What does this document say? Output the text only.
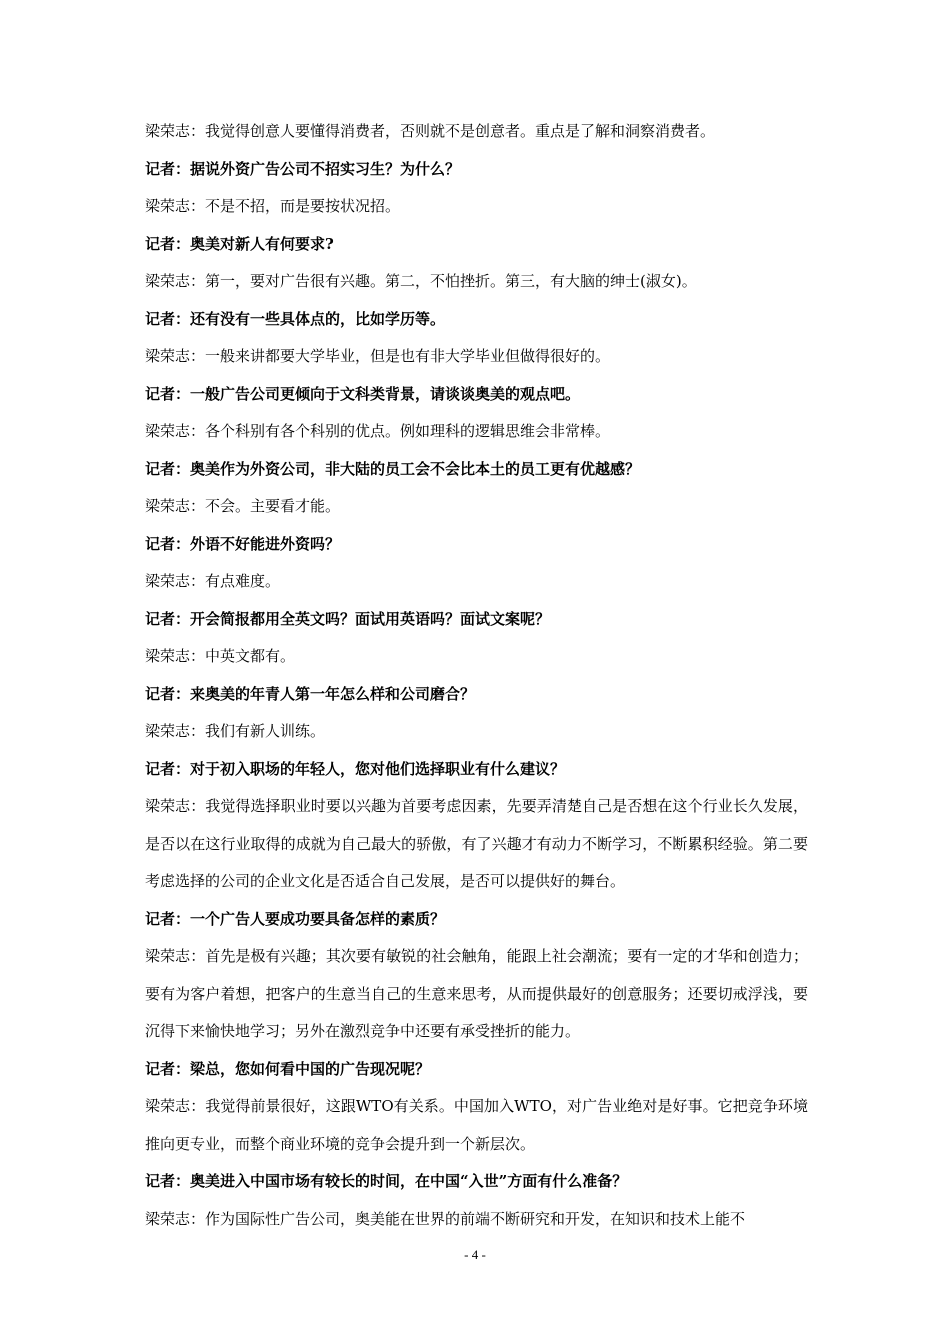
梁荣志：我觉得创意人要懂得消费者，否则就不是创意者。重点是了解和洞察消费者。

记者：据说外资广告公司不招实习生？为什么？

梁荣志：不是不招，而是要按状况招。

记者：奥美对新人有何要求?

梁荣志：第一，要对广告很有兴趣。第二，不怕挫折。第三，有大脑的绅士(淑女)。

记者：还有没有一些具体点的，比如学历等。

梁荣志：一般来讲都要大学毕业，但是也有非大学毕业但做得很好的。

记者：一般广告公司更倾向于文科类背景，请谈谈奥美的观点吧。

梁荣志：各个科别有各个科别的优点。例如理科的逻辑思维会非常棒。

记者：奥美作为外资公司，非大陆的员工会不会比本土的员工更有优越感？

梁荣志：不会。主要看才能。

记者：外语不好能进外资吗？

梁荣志：有点难度。

记者：开会简报都用全英文吗？面试用英语吗？面试文案呢？

梁荣志：中英文都有。

记者：来奥美的年青人第一年怎么样和公司磨合？

梁荣志：我们有新人训练。

记者：对于初入职场的年轻人，您对他们选择职业有什么建议？

梁荣志：我觉得选择职业时要以兴趣为首要考虑因素，先要弄清楚自己是否想在这个行业长久发展，是否以在这行业取得的成就为自己最大的骄傲，有了兴趣才有动力不断学习，不断累积经验。第二要考虑选择的公司的企业文化是否适合自己发展，是否可以提供好的舞台。

记者：一个广告人要成功要具备怎样的素质？

梁荣志：首先是极有兴趣；其次要有敏锐的社会触角，能跟上社会潮流；要有一定的才华和创造力；要有为客户着想，把客户的生意当自己的生意来思考，从而提供最好的创意服务；还要切戒浮浅，要沉得下来愉快地学习；另外在激烈竞争中还要有承受挫折的能力。

记者：梁总，您如何看中国的广告现况呢？

梁荣志：我觉得前景很好，这跟WTO有关系。中国加入WTO，对广告业绝对是好事。它把竞争环境推向更专业，而整个商业环境的竞争会提升到一个新层次。

记者：奥美进入中国市场有较长的时间，在中国“入世”方面有什么准备？

梁荣志：作为国际性广告公司，奥美能在世界的前端不断研究和开发，在知识和技术上能不

- 4 -
